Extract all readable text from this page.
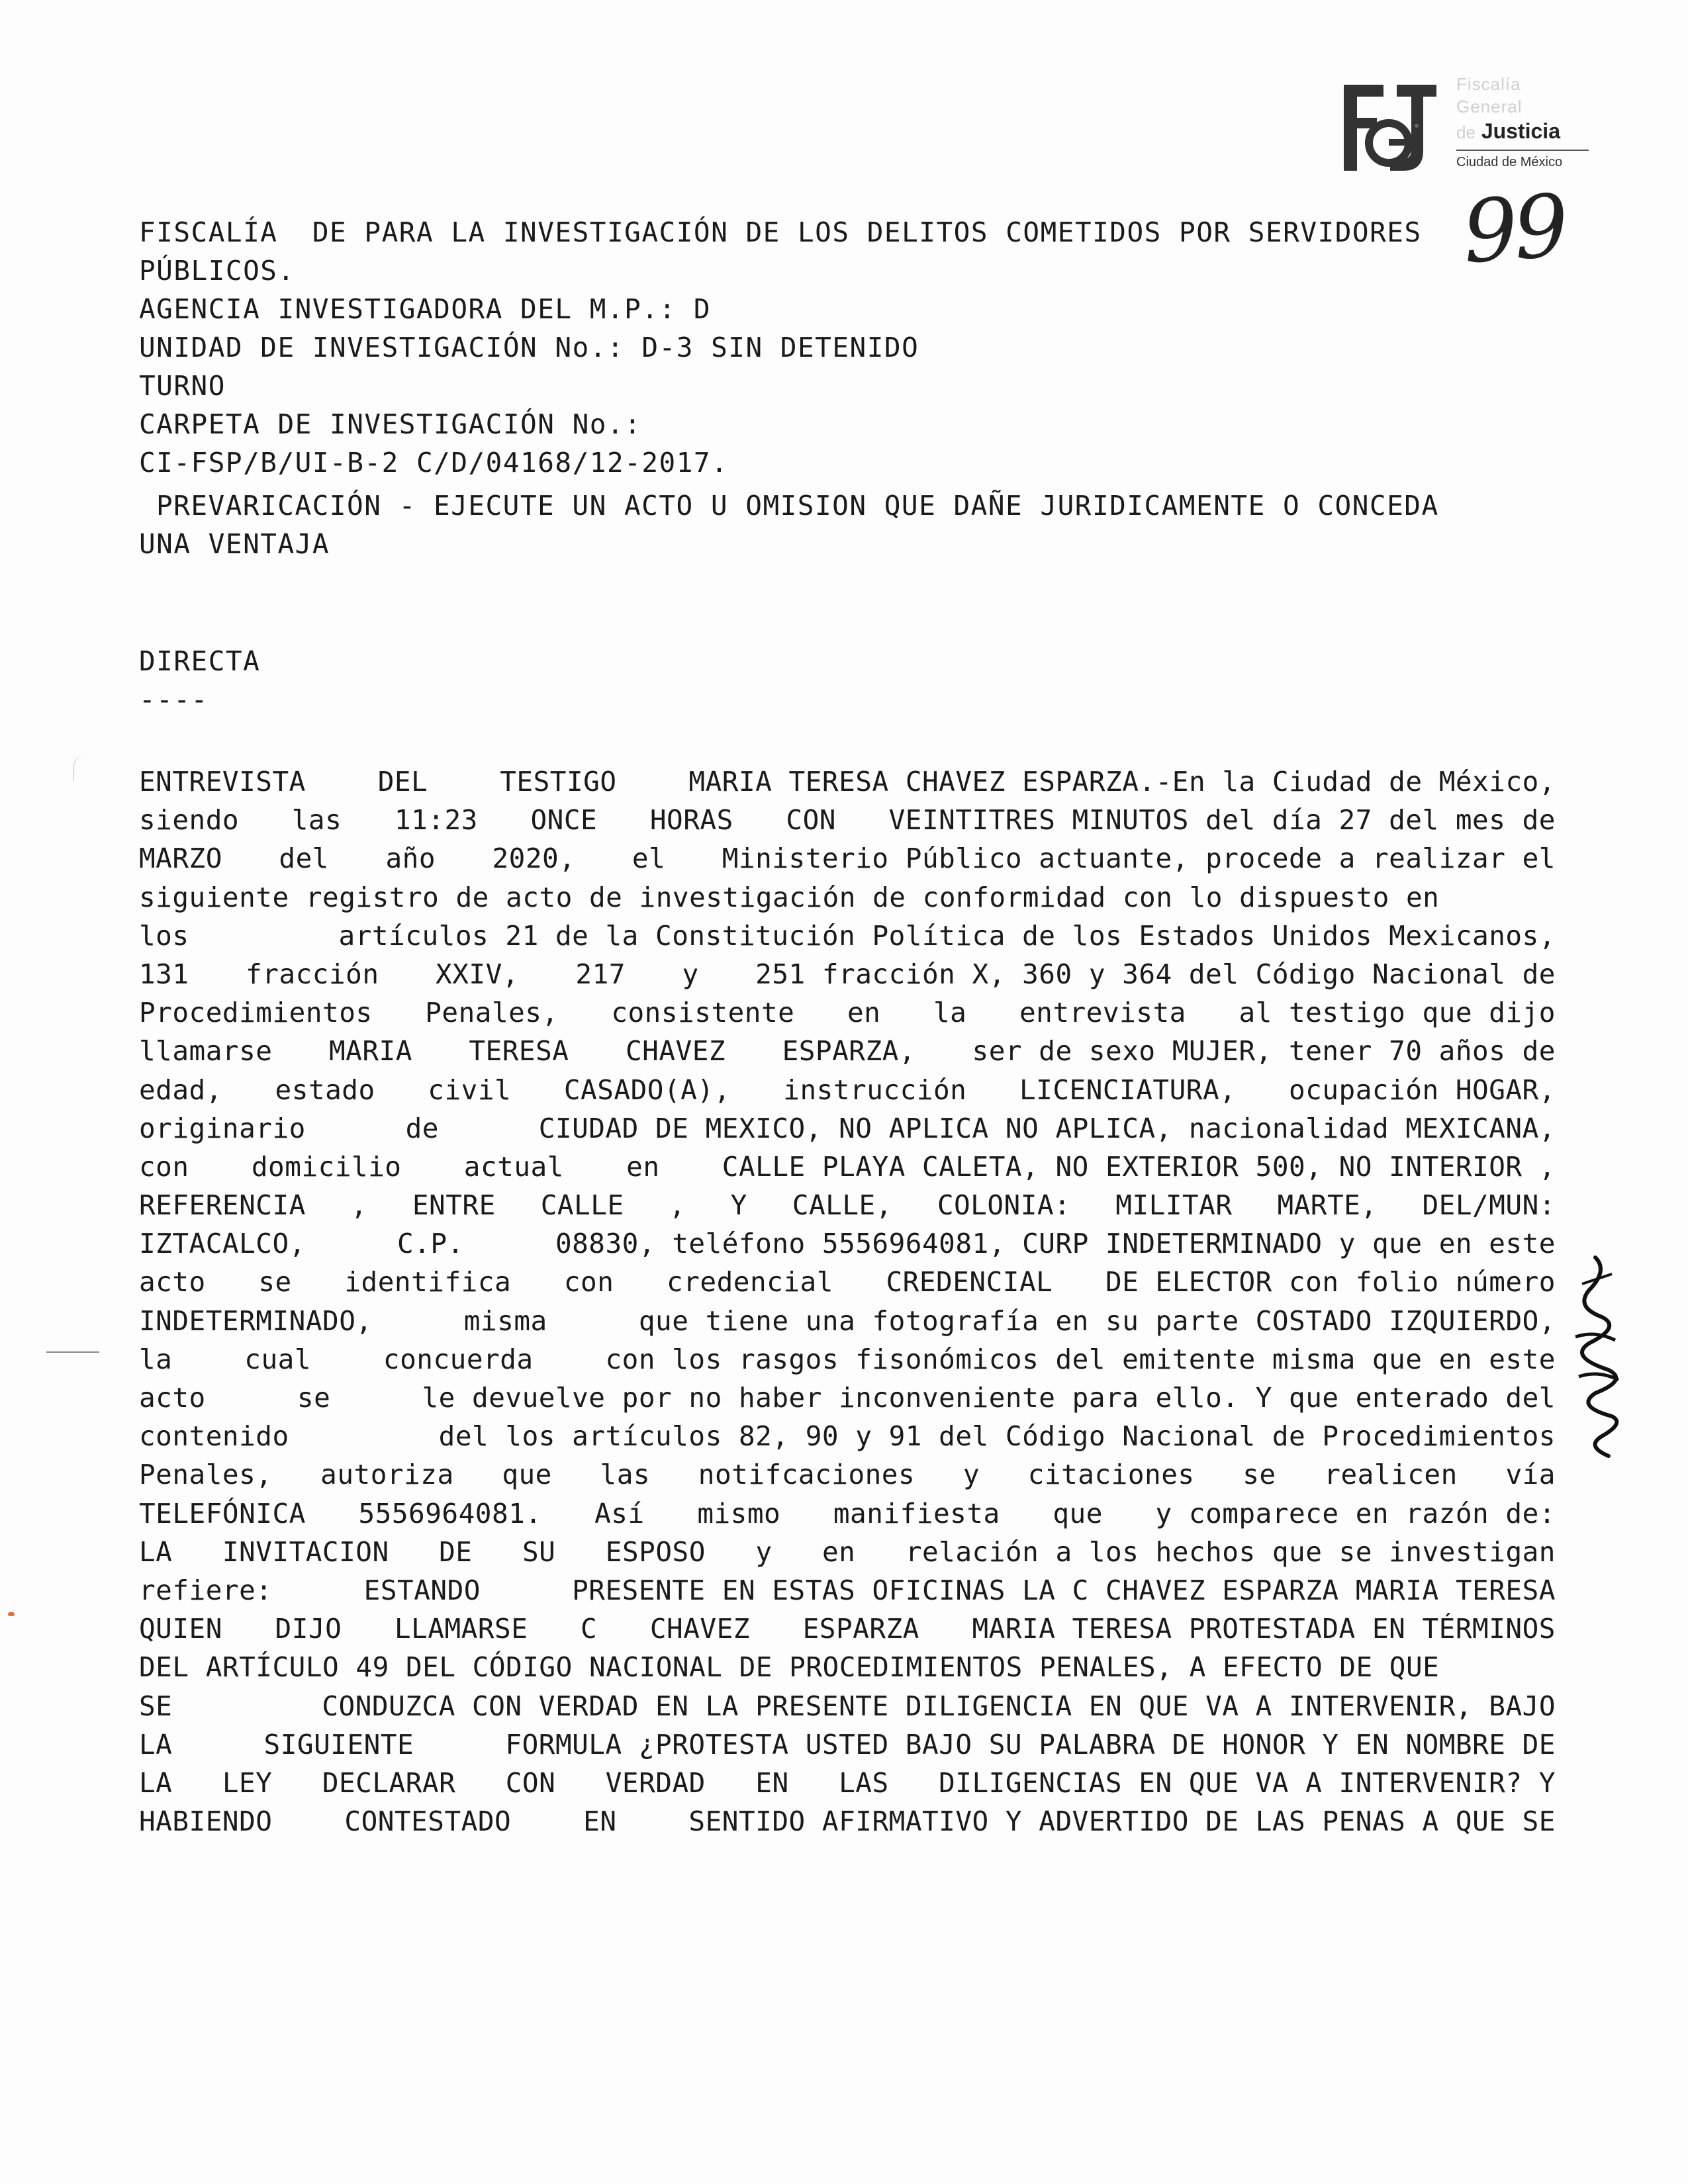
Fiscalía
General
de Justicia
Ciudad de México
99
FISCALÍA  DE PARA LA INVESTIGACIÓN DE LOS DELITOS COMETIDOS POR SERVIDORES
PÚBLICOS.
AGENCIA INVESTIGADORA DEL M.P.: D
UNIDAD DE INVESTIGACIÓN No.: D-3 SIN DETENIDO
TURNO
CARPETA DE INVESTIGACIÓN No.:
CI-FSP/B/UI-B-2 C/D/04168/12-2017.
PREVARICACIÓN - EJECUTE UN ACTO U OMISION QUE DAÑE JURIDICAMENTE O CONCEDA
UNA VENTAJA
DIRECTA
----
ENTREVISTA	DEL	TESTIGO	MARIA TERESA CHAVEZ ESPARZA.-En la Ciudad de México,
siendo las 11:23 ONCE HORAS CON VEINTITRES MINUTOS del día 27 del mes de
MARZO del año 2020, el Ministerio Público actuante, procede a realizar el
siguiente registro de acto de investigación de conformidad con lo dispuesto en
los	artículos 21 de la Constitución Política de los Estados Unidos Mexicanos,
131 fracción XXIV, 217 y 251 fracción X, 360 y 364 del Código Nacional de
Procedimientos Penales, consistente en la entrevista al testigo que dijo
llamarse MARIA TERESA CHAVEZ ESPARZA, ser de sexo MUJER, tener 70 años de
edad, estado civil CASADO(A), instrucción LICENCIATURA, ocupación HOGAR,
originario	de	CIUDAD DE MEXICO, NO APLICA NO APLICA, nacionalidad MEXICANA,
con domicilio actual en CALLE PLAYA CALETA, NO EXTERIOR 500, NO INTERIOR ,
REFERENCIA , ENTRE CALLE , Y CALLE, COLONIA: MILITAR MARTE, DEL/MUN:
IZTACALCO,	C.P.	08830, teléfono 5556964081, CURP INDETERMINADO y que en este
acto se identifica con credencial CREDENCIAL DE ELECTOR con folio número
INDETERMINADO,	misma	que tiene una fotografía en su parte COSTADO IZQUIERDO,
la	cual	concuerda	con los rasgos fisonómicos del emitente misma que en este
acto	se	le devuelve por no haber inconveniente para ello. Y que enterado del
contenido	del los artículos 82, 90 y 91 del Código Nacional de Procedimientos
Penales, autoriza que las notifcaciones y citaciones se realicen vía
TELEFÓNICA 5556964081. Así mismo manifiesta que y comparece en razón de:
LA INVITACION DE SU ESPOSO y en relación a los hechos que se investigan
refiere:	ESTANDO	PRESENTE EN ESTAS OFICINAS LA C CHAVEZ ESPARZA MARIA TERESA
QUIEN DIJO LLAMARSE C CHAVEZ ESPARZA MARIA TERESA PROTESTADA EN TÉRMINOS
DEL ARTÍCULO 49 DEL CÓDIGO NACIONAL DE PROCEDIMIENTOS PENALES, A EFECTO DE QUE
SE	CONDUZCA CON VERDAD EN LA PRESENTE DILIGENCIA EN QUE VA A INTERVENIR, BAJO
LA	SIGUIENTE	FORMULA ¿PROTESTA USTED BAJO SU PALABRA DE HONOR Y EN NOMBRE DE
LA LEY DECLARAR CON VERDAD EN LAS DILIGENCIAS EN QUE VA A INTERVENIR? Y
HABIENDO	CONTESTADO	EN	SENTIDO AFIRMATIVO Y ADVERTIDO DE LAS PENAS A QUE SE
